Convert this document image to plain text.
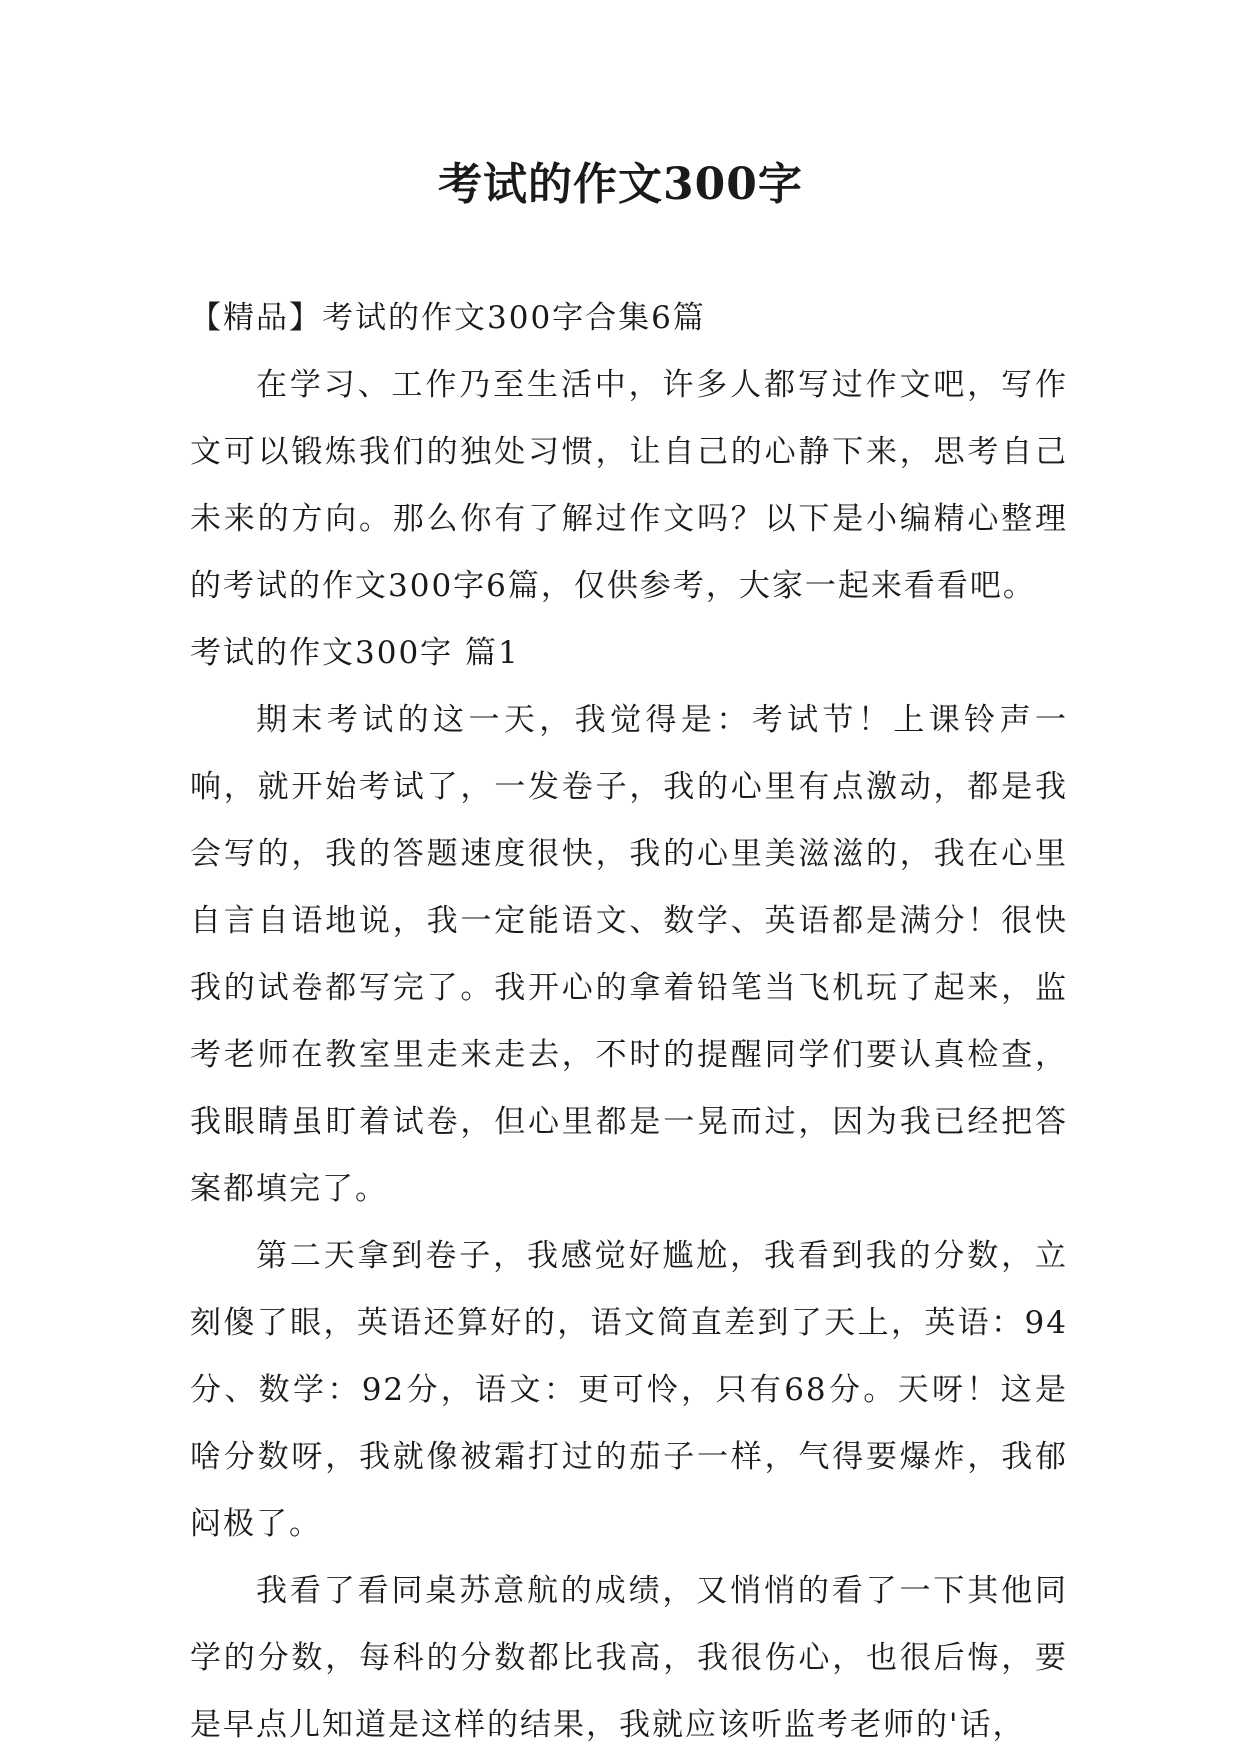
考试的作文300字

【精品】考试的作文300字合集6篇

在学习、工作乃至生活中，许多人都写过作文吧，写作文可以锻炼我们的独处习惯，让自己的心静下来，思考自己未来的方向。那么你有了解过作文吗？以下是小编精心整理的考试的作文300字6篇，仅供参考，大家一起来看看吧。

考试的作文300字 篇1

期末考试的这一天，我觉得是：考试节！上课铃声一响，就开始考试了，一发卷子，我的心里有点激动，都是我会写的，我的答题速度很快，我的心里美滋滋的，我在心里自言自语地说，我一定能语文、数学、英语都是满分！很快我的试卷都写完了。我开心的拿着铅笔当飞机玩了起来，监考老师在教室里走来走去，不时的提醒同学们要认真检查，我眼睛虽盯着试卷，但心里都是一晃而过，因为我已经把答案都填完了。

第二天拿到卷子，我感觉好尴尬，我看到我的分数，立刻傻了眼，英语还算好的，语文简直差到了天上，英语：94分、数学：92分，语文：更可怜，只有68分。天呀！这是啥分数呀，我就像被霜打过的茄子一样，气得要爆炸，我郁闷极了。

我看了看同桌苏意航的成绩，又悄悄的看了一下其他同学的分数，每科的分数都比我高，我很伤心，也很后悔，要是早点儿知道是这样的结果，我就应该听监考老师的'话，
